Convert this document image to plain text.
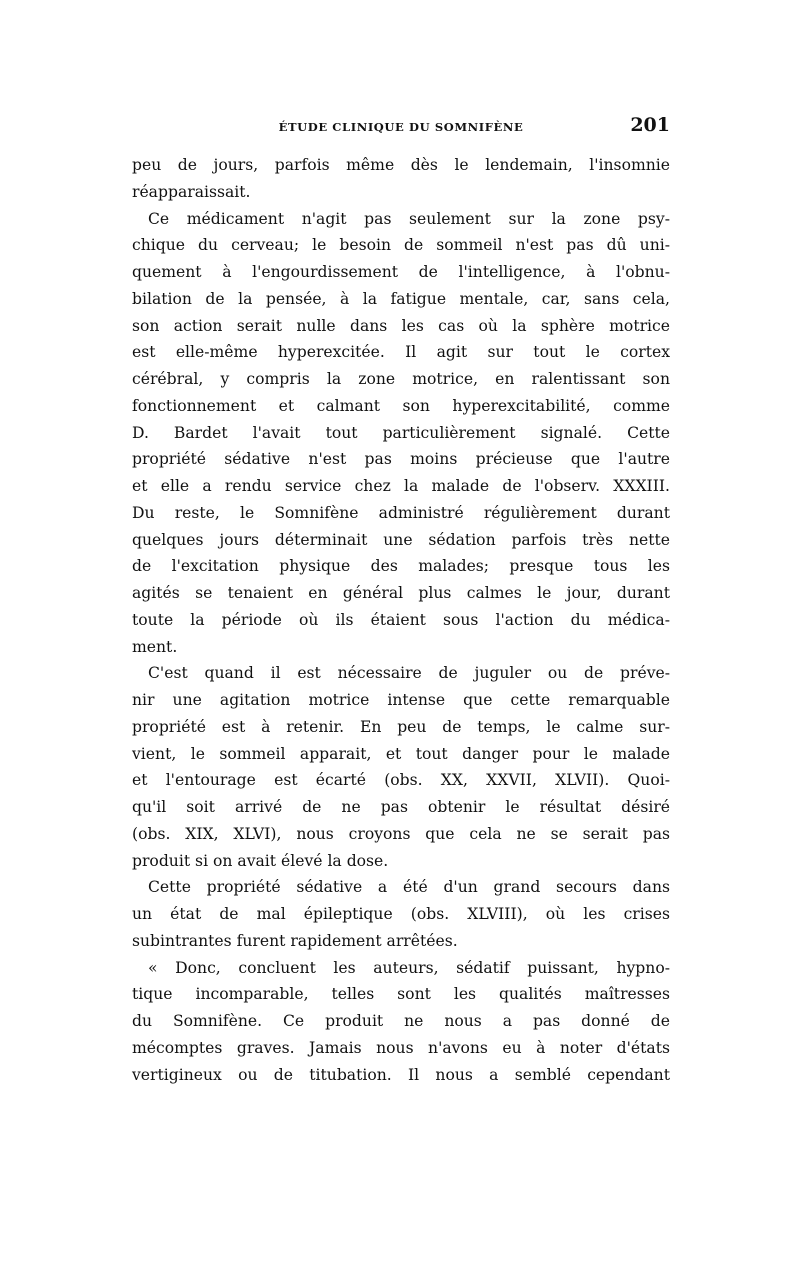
ÉTUDE CLINIQUE DU SOMNIFÈNE	201
peu de jours, parfois même dès le lendemain, l'insomnie
réapparaissait.
Ce médicament n'agit pas seulement sur la zone psy-
chique du cerveau; le besoin de sommeil n'est pas dû uni-
quement à l'engourdissement de l'intelligence, à l'obnu-
bilation de la pensée, à la fatigue mentale, car, sans cela,
son action serait nulle dans les cas où la sphère motrice
est elle-même hyperexcitée. Il agit sur tout le cortex
cérébral, y compris la zone motrice, en ralentissant son
fonctionnement et calmant son hyperexcitabilité, comme
D. Bardet l'avait tout particulièrement signalé. Cette
propriété sédative n'est pas moins précieuse que l'autre
et elle a rendu service chez la malade de l'observ. XXXIII.
Du reste, le Somnifène administré régulièrement durant
quelques jours déterminait une sédation parfois très nette
de l'excitation physique des malades; presque tous les
agités se tenaient en général plus calmes le jour, durant
toute la période où ils étaient sous l'action du médica-
ment.
C'est quand il est nécessaire de juguler ou de préve-
nir une agitation motrice intense que cette remarquable
propriété est à retenir. En peu de temps, le calme sur-
vient, le sommeil apparait, et tout danger pour le malade
et l'entourage est écarté (obs. XX, XXVII, XLVII). Quoi-
qu'il soit arrivé de ne pas obtenir le résultat désiré
(obs. XIX, XLVI), nous croyons que cela ne se serait pas
produit si on avait élevé la dose.
Cette propriété sédative a été d'un grand secours dans
un état de mal épileptique (obs. XLVIII), où les crises
subintrantes furent rapidement arrêtées.
« Donc, concluent les auteurs, sédatif puissant, hypno-
tique incomparable, telles sont les qualités maîtresses
du Somnifène. Ce produit ne nous a pas donné de
mécomptes graves. Jamais nous n'avons eu à noter d'états
vertigineux ou de titubation. Il nous a semblé cependant
